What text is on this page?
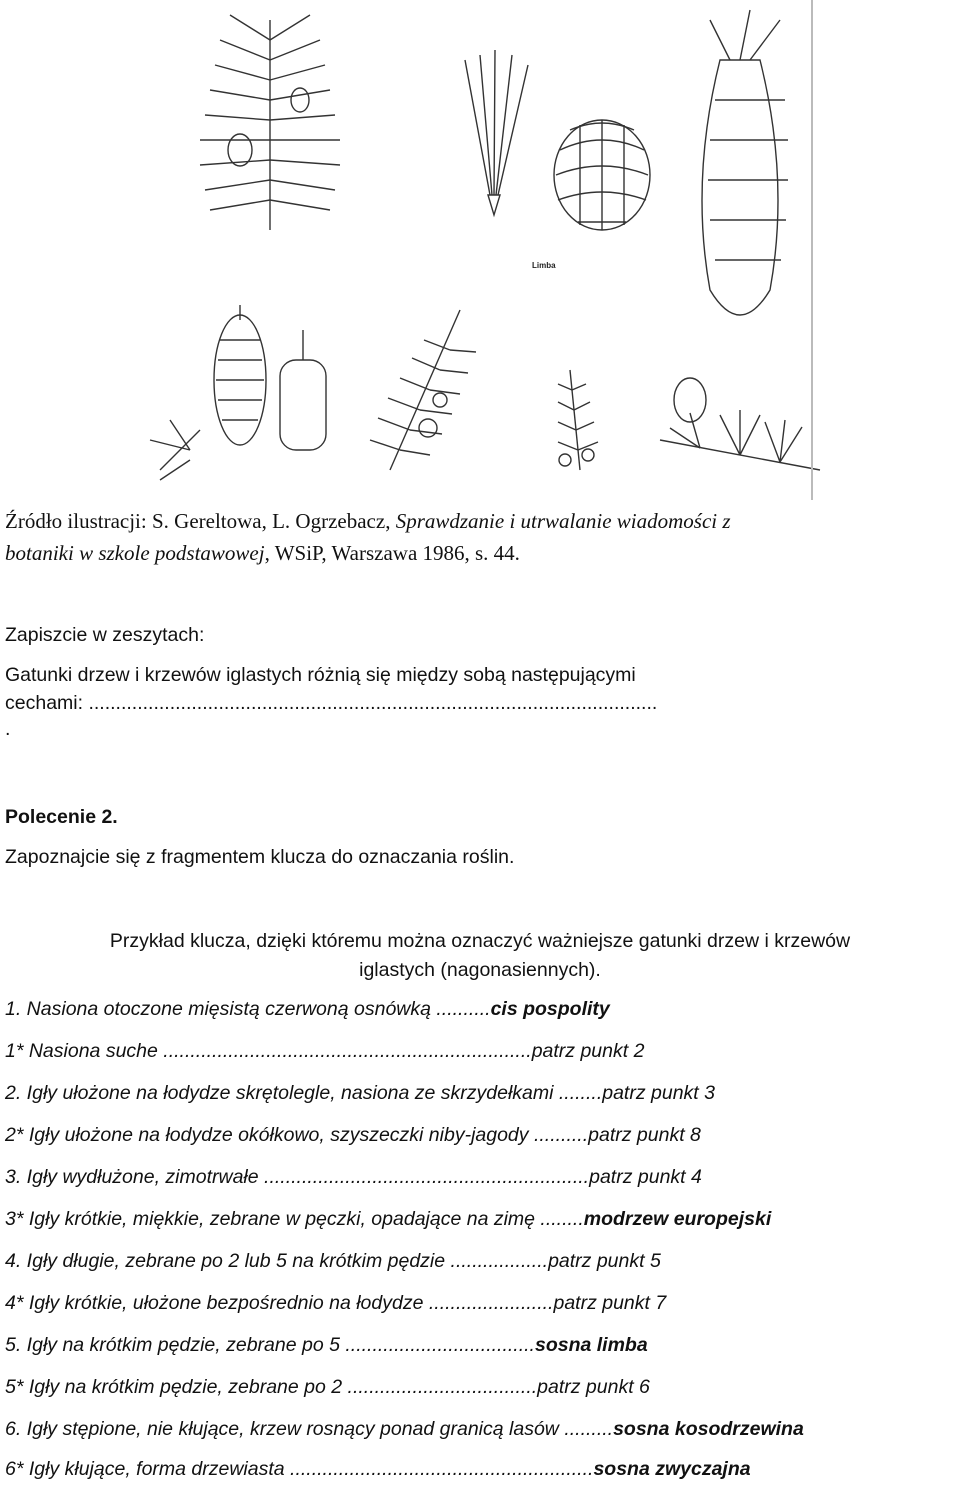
Limba
Źródło ilustracji: S. Gereltowa, L. Ogrzebacz, Sprawdzanie i utrwalanie wiadomości z
botaniki w szkole podstawowej, WSiP, Warszawa 1986, s. 44.
Zapiszcie w zeszytach:
Gatunki drzew i krzewów iglastych różnią się między sobą następującymi
cechami: .........................................................................................................
.
Polecenie 2.
Zapoznajcie się z fragmentem klucza do oznaczania roślin.
Przykład klucza, dzięki któremu można oznaczyć ważniejsze gatunki drzew i krzewów
iglastych (nagonasiennych).
1. Nasiona otoczone mięsistą czerwoną osnówką ..........cis pospolity
1* Nasiona suche ....................................................................patrz punkt 2
2. Igły ułożone na łodydze skrętolegle, nasiona ze skrzydełkami ........patrz punkt 3
2* Igły ułożone na łodydze okółkowo, szyszeczki niby-jagody ..........patrz punkt 8
3. Igły wydłużone, zimotrwałe ............................................................patrz punkt 4
3* Igły krótkie, miękkie, zebrane w pęczki, opadające na zimę ........modrzew europejski
4. Igły długie, zebrane po 2 lub 5 na krótkim pędzie ..................patrz punkt 5
4* Igły krótkie, ułożone bezpośrednio na łodydze .......................patrz punkt 7
5. Igły na krótkim pędzie, zebrane po 5 ...................................sosna limba
5* Igły na krótkim pędzie, zebrane po 2 ...................................patrz punkt 6
6. Igły stępione, nie kłujące, krzew rosnący ponad granicą lasów .........sosna kosodrzewina
6* Igły kłujące, forma drzewiasta ........................................................sosna zwyczajna
